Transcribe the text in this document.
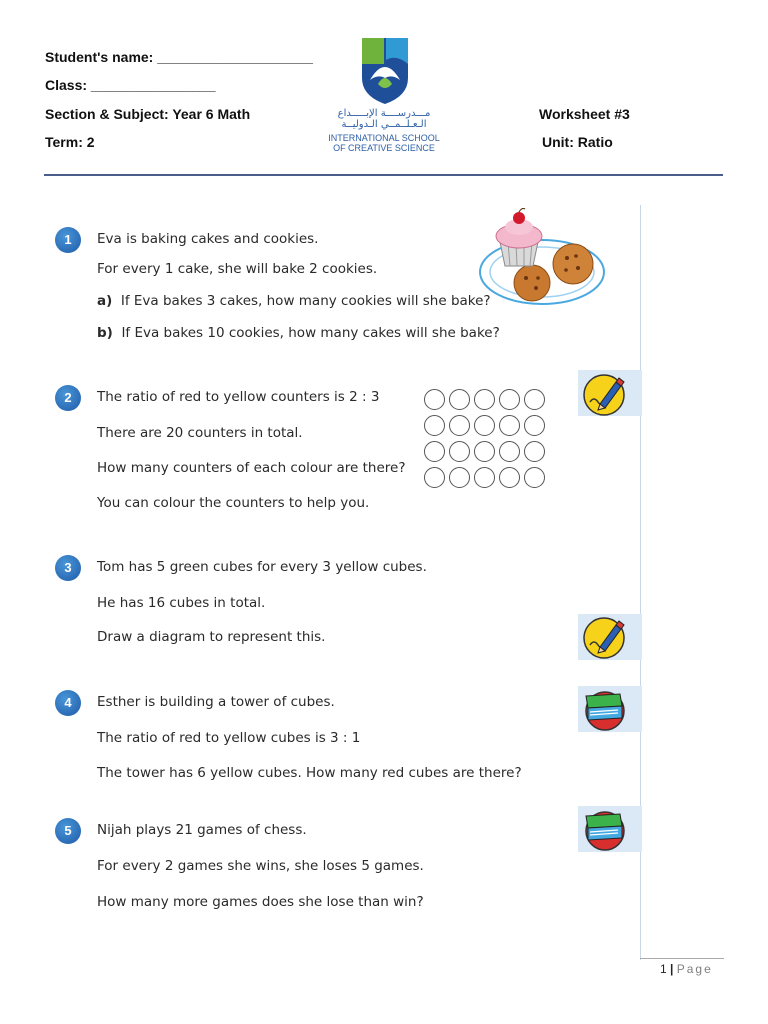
Student's name: ____________________
Class: ________________
Section & Subject: Year 6 Math
Term: 2
Worksheet #3
Unit: Ratio
مـــدرســــة الإبـــــداع
الـعـلــمــي الـدوليــة
INTERNATIONAL SCHOOL
OF CREATIVE SCIENCE
1	Eva is baking cakes and cookies.
For every 1 cake, she will bake 2 cookies.
a) If Eva bakes 3 cakes, how many cookies will she bake?
b) If Eva bakes 10 cookies, how many cakes will she bake?
2	The ratio of red to yellow counters is 2 : 3
There are 20 counters in total.
How many counters of each colour are there?
You can colour the counters to help you.
3	Tom has 5 green cubes for every 3 yellow cubes.
He has 16 cubes in total.
Draw a diagram to represent this.
4	Esther is building a tower of cubes.
The ratio of red to yellow cubes is 3 : 1
The tower has 6 yellow cubes. How many red cubes are there?
5	Nijah plays 21 games of chess.
For every 2 games she wins, she loses 5 games.
How many more games does she lose than win?
1 | Page
